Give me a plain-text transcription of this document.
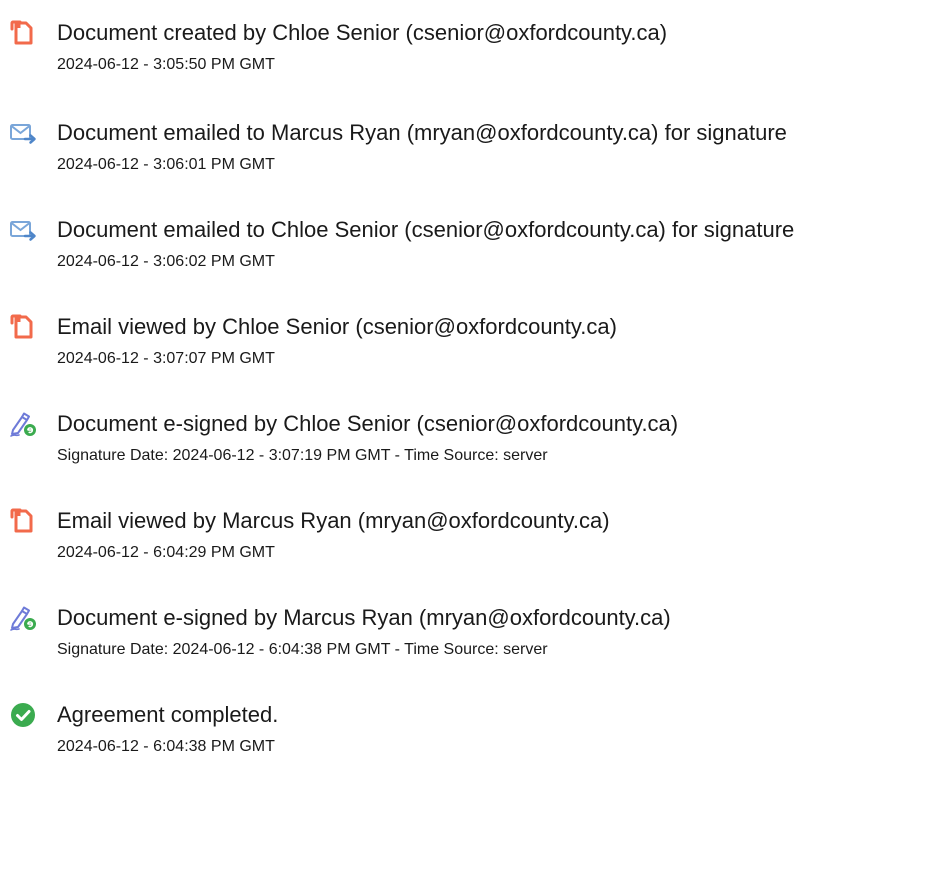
Document created by Chloe Senior (csenior@oxfordcounty.ca)
2024-06-12 - 3:05:50 PM GMT
Document emailed to Marcus Ryan (mryan@oxfordcounty.ca) for signature
2024-06-12 - 3:06:01 PM GMT
Document emailed to Chloe Senior (csenior@oxfordcounty.ca) for signature
2024-06-12 - 3:06:02 PM GMT
Email viewed by Chloe Senior (csenior@oxfordcounty.ca)
2024-06-12 - 3:07:07 PM GMT
Document e-signed by Chloe Senior (csenior@oxfordcounty.ca)
Signature Date: 2024-06-12 - 3:07:19 PM GMT - Time Source: server
Email viewed by Marcus Ryan (mryan@oxfordcounty.ca)
2024-06-12 - 6:04:29 PM GMT
Document e-signed by Marcus Ryan (mryan@oxfordcounty.ca)
Signature Date: 2024-06-12 - 6:04:38 PM GMT - Time Source: server
Agreement completed.
2024-06-12 - 6:04:38 PM GMT
